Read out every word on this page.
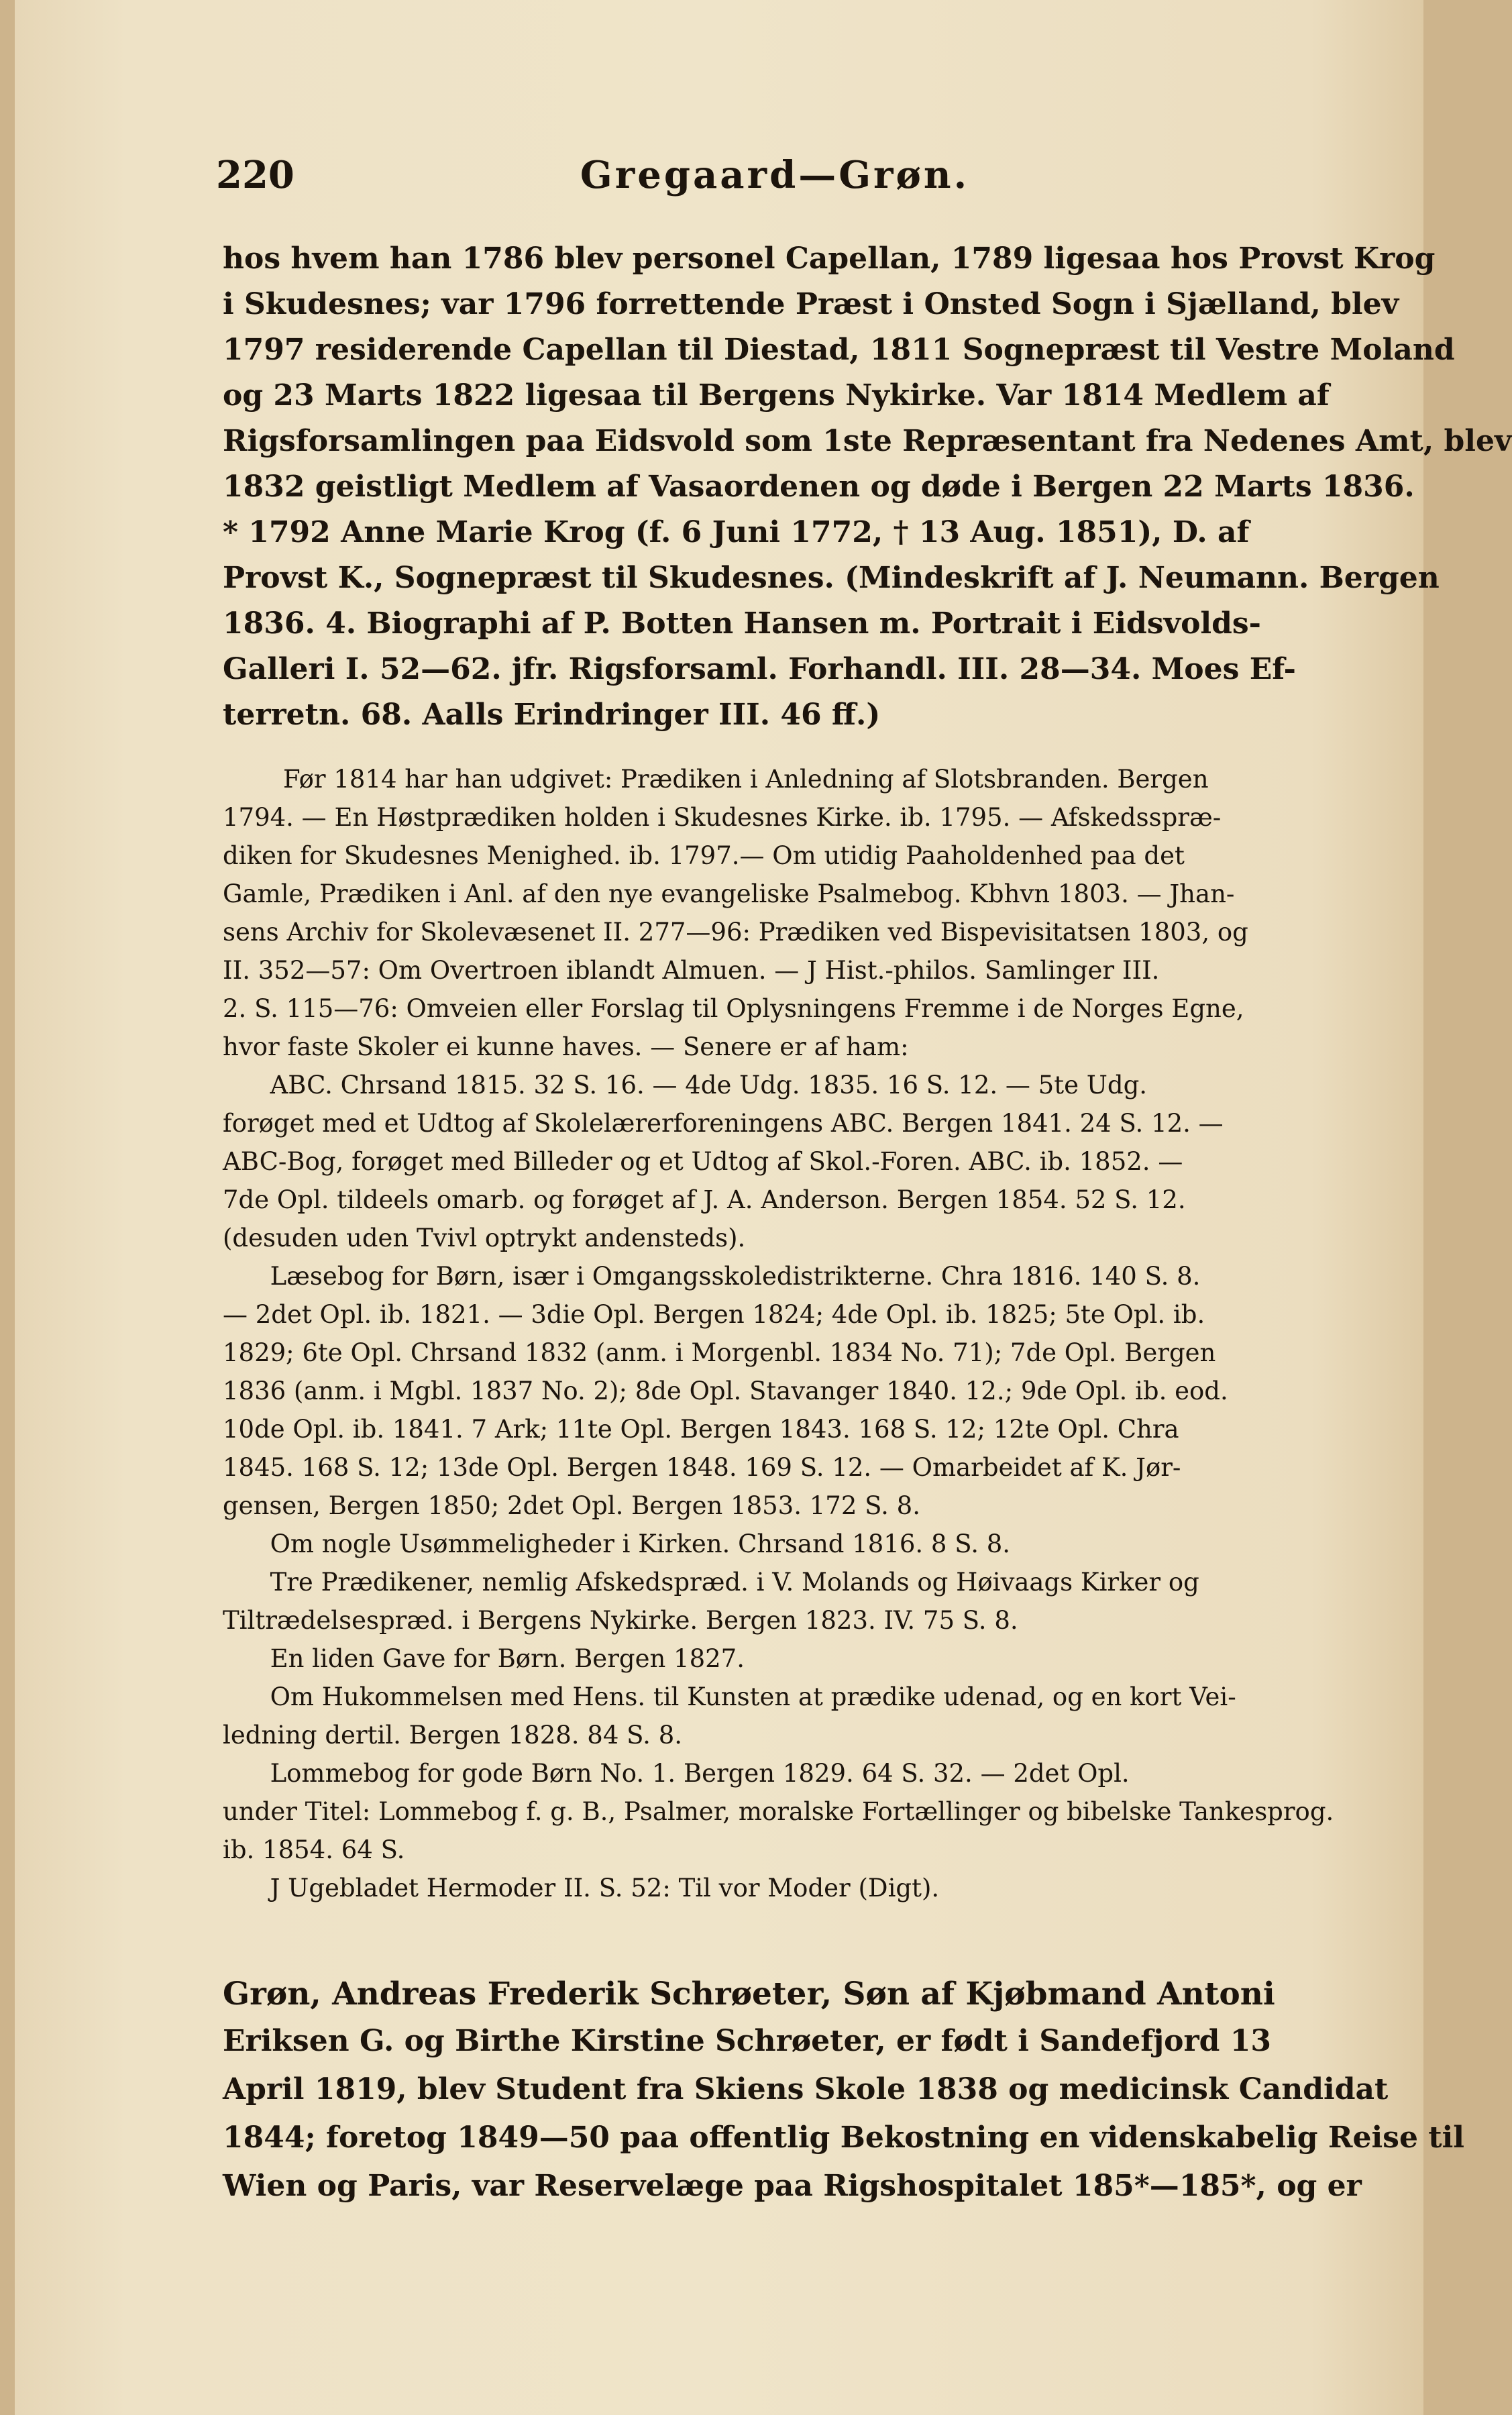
220	Gregaard—Grøn.
hos hvem han 1786 blev personel Capellan, 1789 ligesaa hos Provst Krog
i Skudesnes; var 1796 forrettende Præst i Onsted Sogn i Sjælland, blev
1797 residerende Capellan til Diestad, 1811 Sognepræst til Vestre Moland
og 23 Marts 1822 ligesaa til Bergens Nykirke. Var 1814 Medlem af
Rigsforsamlingen paa Eidsvold som 1ste Repræsentant fra Nedenes Amt, blev
1832 geistligt Medlem af Vasaordenen og døde i Bergen 22 Marts 1836.
* 1792 Anne Marie Krog (f. 6 Juni 1772, † 13 Aug. 1851), D. af
Provst K., Sognepræst til Skudesnes. (Mindeskrift af J. Neumann. Bergen
1836. 4. Biographi af P. Botten Hansen m. Portrait i Eidsvolds-
Galleri I. 52—62. jfr. Rigsforsaml. Forhandl. III. 28—34. Moes Ef-
terretn. 68. Aalls Erindringer III. 46 ff.)
Før 1814 har han udgivet: Prædiken i Anledning af Slotsbranden. Bergen
1794. — En Høstprædiken holden i Skudesnes Kirke. ib. 1795. — Afskedsspræ-
diken for Skudesnes Menighed. ib. 1797.— Om utidig Paaholdenhed paa det
Gamle, Prædiken i Anl. af den nye evangeliske Psalmebog. Kbhvn 1803. — Jhan-
sens Archiv for Skolevæsenet II. 277—96: Prædiken ved Bispevisitatsen 1803, og
II. 352—57: Om Overtroen iblandt Almuen. — J Hist.-philos. Samlinger III.
2. S. 115—76: Omveien eller Forslag til Oplysningens Fremme i de Norges Egne,
hvor faste Skoler ei kunne haves. — Senere er af ham:
ABC. Chrsand 1815. 32 S. 16. — 4de Udg. 1835. 16 S. 12. — 5te Udg.
forøget med et Udtog af Skolelærerforeningens ABC. Bergen 1841. 24 S. 12. —
ABC-Bog, forøget med Billeder og et Udtog af Skol.-Foren. ABC. ib. 1852. —
7de Opl. tildeels omarb. og forøget af J. A. Anderson. Bergen 1854. 52 S. 12.
(desuden uden Tvivl optrykt andensteds).
Læsebog for Børn, især i Omgangsskoledistrikterne. Chra 1816. 140 S. 8.
— 2det Opl. ib. 1821. — 3die Opl. Bergen 1824; 4de Opl. ib. 1825; 5te Opl. ib.
1829; 6te Opl. Chrsand 1832 (anm. i Morgenbl. 1834 No. 71); 7de Opl. Bergen
1836 (anm. i Mgbl. 1837 No. 2); 8de Opl. Stavanger 1840. 12.; 9de Opl. ib. eod.
10de Opl. ib. 1841. 7 Ark; 11te Opl. Bergen 1843. 168 S. 12; 12te Opl. Chra
1845. 168 S. 12; 13de Opl. Bergen 1848. 169 S. 12. — Omarbeidet af K. Jør-
gensen, Bergen 1850; 2det Opl. Bergen 1853. 172 S. 8.
Om nogle Usømmeligheder i Kirken. Chrsand 1816. 8 S. 8.
Tre Prædikener, nemlig Afskedspræd. i V. Molands og Høivaags Kirker og
Tiltrædelsespræd. i Bergens Nykirke. Bergen 1823. IV. 75 S. 8.
En liden Gave for Børn. Bergen 1827.
Om Hukommelsen med Hens. til Kunsten at prædike udenad, og en kort Vei-
ledning dertil. Bergen 1828. 84 S. 8.
Lommebog for gode Børn No. 1. Bergen 1829. 64 S. 32. — 2det Opl.
under Titel: Lommebog f. g. B., Psalmer, moralske Fortællinger og bibelske Tankesprog.
ib. 1854. 64 S.
J Ugebladet Hermoder II. S. 52: Til vor Moder (Digt).
Grøn, Andreas Frederik Schrøeter, Søn af Kjøbmand Antoni
Eriksen G. og Birthe Kirstine Schrøeter, er født i Sandefjord 13
April 1819, blev Student fra Skiens Skole 1838 og medicinsk Candidat
1844; foretog 1849—50 paa offentlig Bekostning en videnskabelig Reise til
Wien og Paris, var Reservelæge paa Rigshospitalet 185*—185*, og er
